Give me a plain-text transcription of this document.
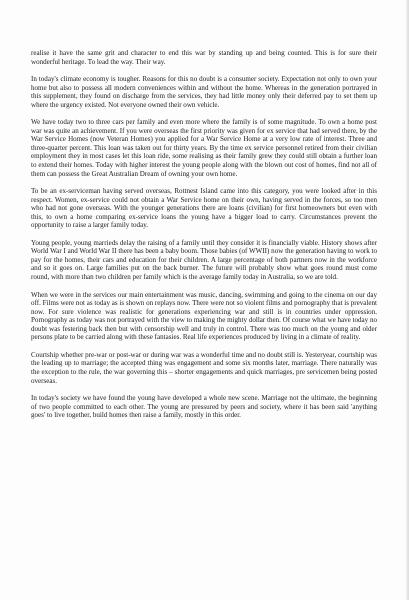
realise it have the same grit and character to end this war by standing up and being counted. This is for sure their wonderful heritage. To lead the way. Their way.

In today's climate economy is tougher. Reasons for this no doubt is a consumer society. Expectation not only to own your home but also to possess all modern conveniences within and without the home. Whereas in the generation portrayed in this supplement, they found on discharge from the services, they had little money only their deferred pay to set them up where the urgency existed. Not everyone owned their own vehicle.

We have today two to three cars per family and even more where the family is of some magnitude. To own a home post war was quite an achievement. If you were overseas the first priority was given for ex service that had served there, by the War Service Homes (now Veteran Homes) you applied for a War Service Home at a very low rate of interest. Three and three-quarter percent. This loan was taken out for thirty years. By the time ex service personnel retired from their civilian employment they in most cases let this loan ride, some realising as their family grew they could still obtain a further loan to extend their homes. Today with higher interest the young people along with the blown out cost of homes, find not all of them can possess the Great Australian Dream of owning your own home.

To be an ex-serviceman having served overseas, Rottnest Island came into this category, you were looked after in this respect. Women, ex-service could not obtain a War Service home on their own, having served in the forces, so too men who had not gone overseas. With the younger generations there are loans (civilian) for first homeowners but even with this, to own a home comparing ex-service loans the young have a bigger load to carry. Circumstances prevent the opportunity to raise a larger family today.

Young people, young marrieds delay the raising of a family until they consider it is financially viable. History shows after World War I and World War II there has been a baby boom. Those babies (of WWII) now the generation having to work to pay for the homes, their cars and education for their children. A large percentage of both partners now in the workforce and so it goes on. Large families put on the back burner. The future will probably show what goes round must come round, with more than two children per family which is the average family today in Australia, so we are told.

When we were in the services our main entertainment was music, dancing, swimming and going to the cinema on our day off. Films were not as today as is shown on replays now. There were not so violent films and pornography that is prevalent now. For sure violence was realistic for generations experiencing war and still is in countries under oppression. Pornography as today was not portrayed with the view to making the mighty dollar then. Of course what we have today no doubt was festering back then but with censorship well and truly in control. There was too much on the young and older persons plate to be carried along with these fantasies. Real life experiences produced by living in a climate of reality.

Courtship whether pre-war or post-war or during war was a wonderful time and no doubt still is. Yesteryear, courtship was the leading up to marriage; the accepted thing was engagement and some six months later, marriage. There naturally was the exception to the rule, the war governing this – shorter engagements and quick marriages, pre servicemen being posted overseas.

In today's society we have found the young have developed a whole new scene. Marriage not the ultimate, the beginning of two people committed to each other. The young are pressured by peers and society, where it has been said 'anything goes' to live together, build homes then raise a family, mostly in this order.
